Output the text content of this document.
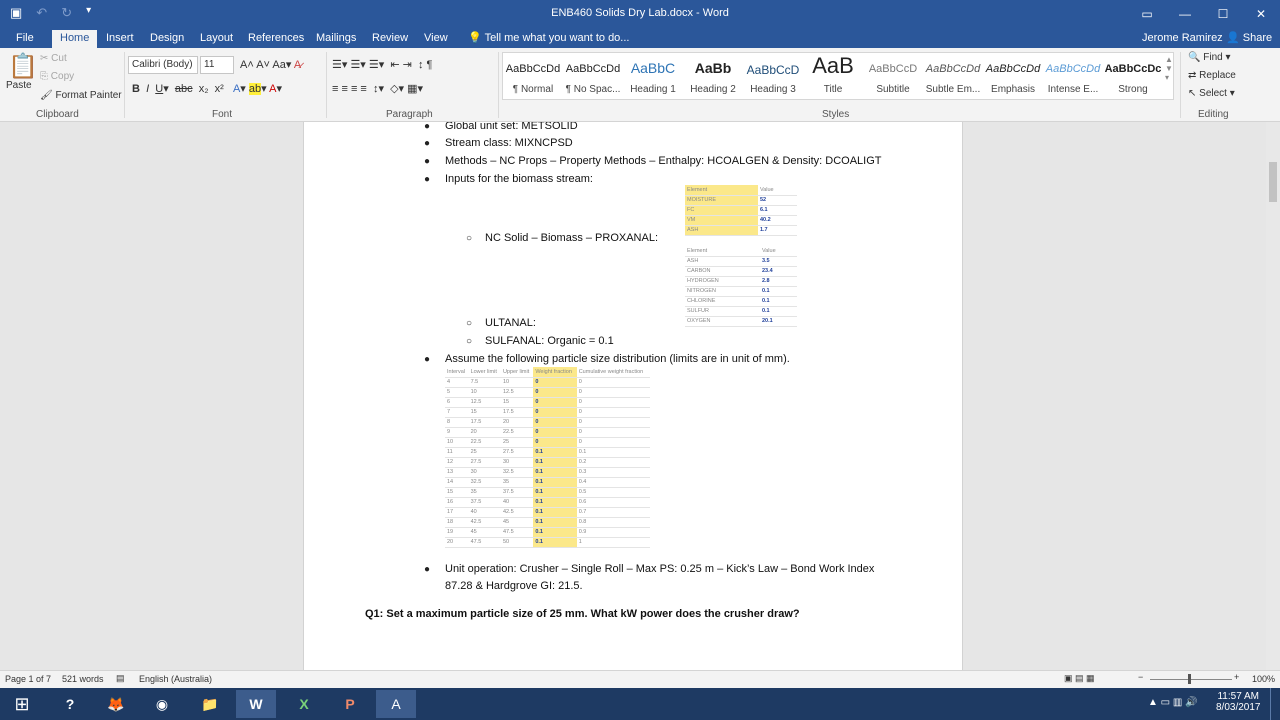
▣ ↶ ↻ ▾	ENB460 Solids Dry Lab.docx - Word	▭	—	☐	✕
File	Home	Insert	Design	Layout	References	Mailings	Review	View	💡 Tell me what you want to do...	Jerome Ramirez 👤 Share
📋
Paste
✂ Cut
⎘ Copy
🖌 Format Painter
Clipboard
Calibri (Body)	11	A˄ A˅ Aa▾ A̷
B I U▾  abc  x₂  x²   A▾ ab▾ A▾
Font
☰▾ ☰▾ ☰▾  ⇤ ⇥  ↕ ¶
≡ ≡ ≡ ≡  ↕▾  ◇▾ ▦▾
Paragraph
AaBbCcDd
¶ Normal
AaBbCcDd
¶ No Spac...
AaBbC
Heading 1
AaBb
Heading 2
AaBbCcD
Heading 3
AaB
Title
AaBbCcD
Subtitle
AaBbCcDd
Subtle Em...
AaBbCcDd
Emphasis
AaBbCcDd
Intense E...
AaBbCcDc
Strong
▲
▼
▾
Styles
🔍 Find ▾
⇄ Replace
↖ Select ▾
Editing
● Global unit set: METSOLID
● Stream class: MIXNCPSD
● Methods – NC Props – Property Methods – Enthalpy: HCOALGEN & Density: DCOALIGT
● Inputs for the biomass stream:
○ NC Solid – Biomass – PROXANAL:
Element	Value
MOISTURE	52
FC	6.1
VM	40.2
ASH	1.7
Element	Value
ASH	3.5
CARBON	23.4
HYDROGEN	2.8
NITROGEN	0.1
CHLORINE	0.1
SULFUR	0.1
OXYGEN	20.1
○ ULTANAL:
○ SULFANAL: Organic = 0.1
● Assume the following particle size distribution (limits are in unit of mm).
Interval	Lower limit	Upper limit	Weight fraction	Cumulative weight fraction
4	7.5	10	0	0
5	10	12.5	0	0
6	12.5	15	0	0
7	15	17.5	0	0
8	17.5	20	0	0
9	20	22.5	0	0
10	22.5	25	0	0
11	25	27.5	0.1	0.1
12	27.5	30	0.1	0.2
13	30	32.5	0.1	0.3
14	32.5	35	0.1	0.4
15	35	37.5	0.1	0.5
16	37.5	40	0.1	0.6
17	40	42.5	0.1	0.7
18	42.5	45	0.1	0.8
19	45	47.5	0.1	0.9
20	47.5	50	0.1	1
● Unit operation: Crusher – Single Roll – Max PS: 0.25 m – Kick’s Law – Bond Work Index
87.28 & Hardgrove GI: 21.5.
Q1: Set a maximum particle size of 25 mm. What kW power does the crusher draw?
Page 1 of 7 521 words ▤ English (Australia)	▣ ▤ ▦	−	+ 100%
⊞	?	🦊	◉	📁	W	X	P	A	▲ ▭ ▥ 🔊
11:57 AM
8/03/2017
